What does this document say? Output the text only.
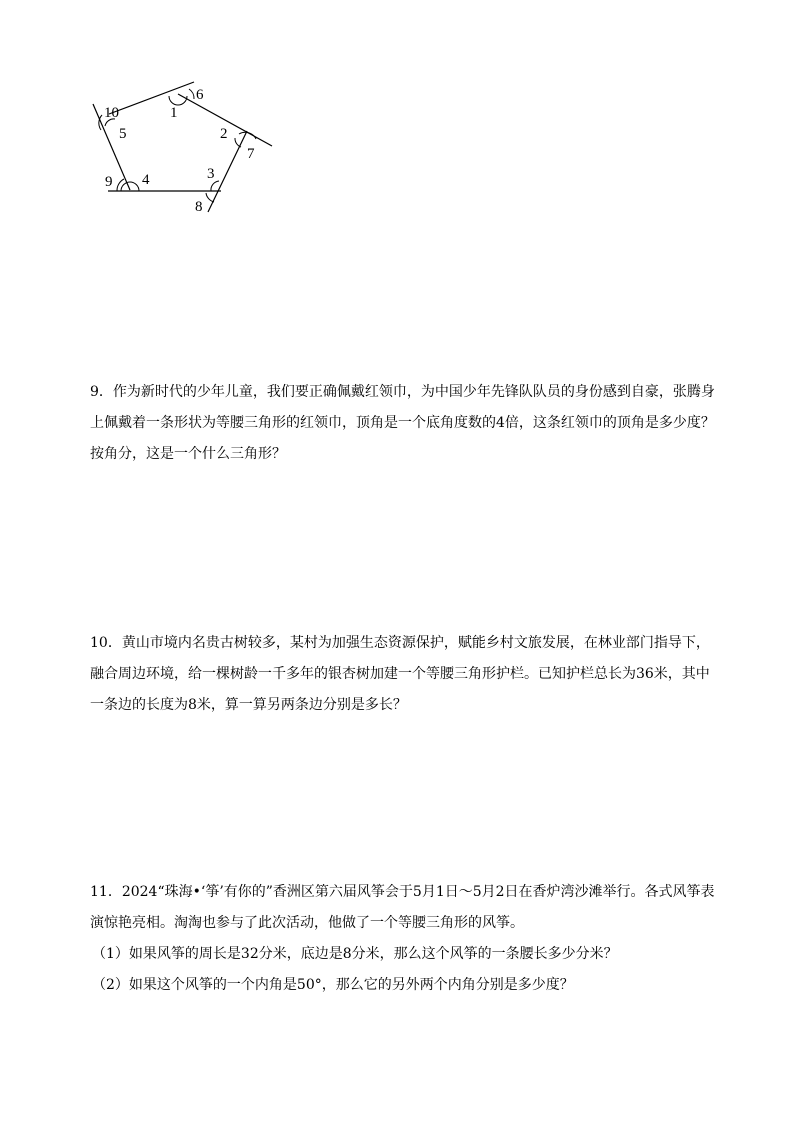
1
2
3
4
5
6
7
8
9
10

9．作为新时代的少年儿童，我们要正确佩戴红领巾，为中国少年先锋队队员的身份感到自豪，张腾身上佩戴着一条形状为等腰三角形的红领巾，顶角是一个底角度数的4倍，这条红领巾的顶角是多少度？按角分，这是一个什么三角形？

10．黄山市境内名贵古树较多，某村为加强生态资源保护，赋能乡村文旅发展，在林业部门指导下，融合周边环境，给一棵树龄一千多年的银杏树加建一个等腰三角形护栏。已知护栏总长为36米，其中一条边的长度为8米，算一算另两条边分别是多长？

11．2024“珠海•‘筝’有你的”香洲区第六届风筝会于5月1日～5月2日在香炉湾沙滩举行。各式风筝表演惊艳亮相。淘淘也参与了此次活动，他做了一个等腰三角形的风筝。

（1）如果风筝的周长是32分米，底边是8分米，那么这个风筝的一条腰长多少分米？

（2）如果这个风筝的一个内角是50°，那么它的另外两个内角分别是多少度？
